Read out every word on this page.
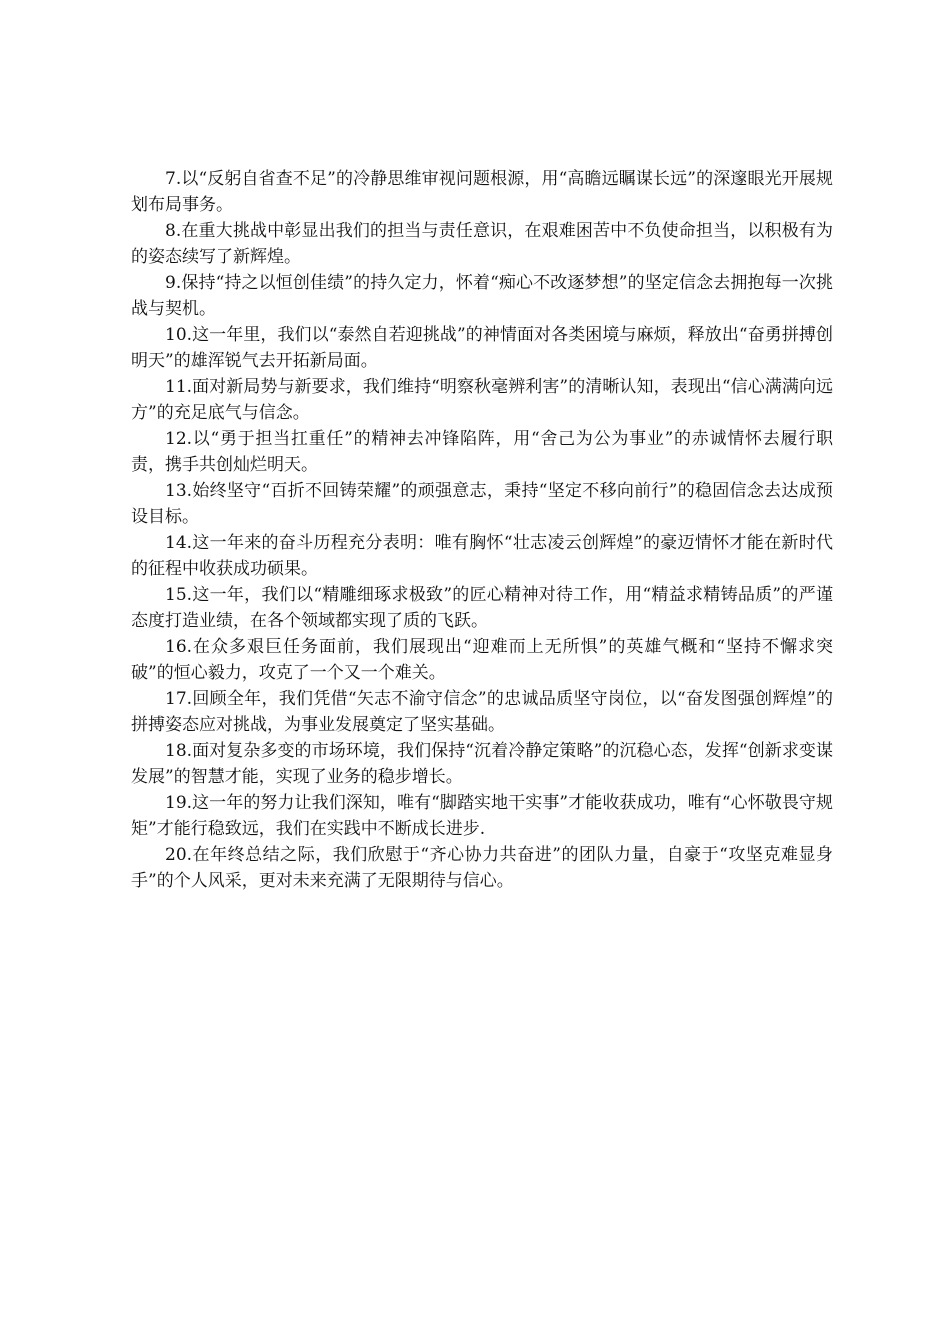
7.以“反躬自省查不足”的冷静思维审视问题根源，用“高瞻远瞩谋长远”的深邃眼光开展规划布局事务。

8.在重大挑战中彰显出我们的担当与责任意识，在艰难困苦中不负使命担当，以积极有为的姿态续写了新辉煌。

9.保持“持之以恒创佳绩”的持久定力，怀着“痴心不改逐梦想”的坚定信念去拥抱每一次挑战与契机。

10.这一年里，我们以“泰然自若迎挑战”的神情面对各类困境与麻烦，释放出“奋勇拼搏创明天”的雄浑锐气去开拓新局面。

11.面对新局势与新要求，我们维持“明察秋毫辨利害”的清晰认知，表现出“信心满满向远方”的充足底气与信念。

12.以“勇于担当扛重任”的精神去冲锋陷阵，用“舍己为公为事业”的赤诚情怀去履行职责，携手共创灿烂明天。

13.始终坚守“百折不回铸荣耀”的顽强意志，秉持“坚定不移向前行”的稳固信念去达成预设目标。

14.这一年来的奋斗历程充分表明：唯有胸怀“壮志凌云创辉煌”的豪迈情怀才能在新时代的征程中收获成功硕果。

15.这一年，我们以“精雕细琢求极致”的匠心精神对待工作，用“精益求精铸品质”的严谨态度打造业绩，在各个领域都实现了质的飞跃。

16.在众多艰巨任务面前，我们展现出“迎难而上无所惧”的英雄气概和“坚持不懈求突破”的恒心毅力，攻克了一个又一个难关。

17.回顾全年，我们凭借“矢志不渝守信念”的忠诚品质坚守岗位，以“奋发图强创辉煌”的拼搏姿态应对挑战，为事业发展奠定了坚实基础。

18.面对复杂多变的市场环境，我们保持“沉着冷静定策略”的沉稳心态，发挥“创新求变谋发展”的智慧才能，实现了业务的稳步增长。

19.这一年的努力让我们深知，唯有“脚踏实地干实事”才能收获成功，唯有“心怀敬畏守规矩”才能行稳致远，我们在实践中不断成长进步.

20.在年终总结之际，我们欣慰于“齐心协力共奋进”的团队力量，自豪于“攻坚克难显身手”的个人风采，更对未来充满了无限期待与信心。
